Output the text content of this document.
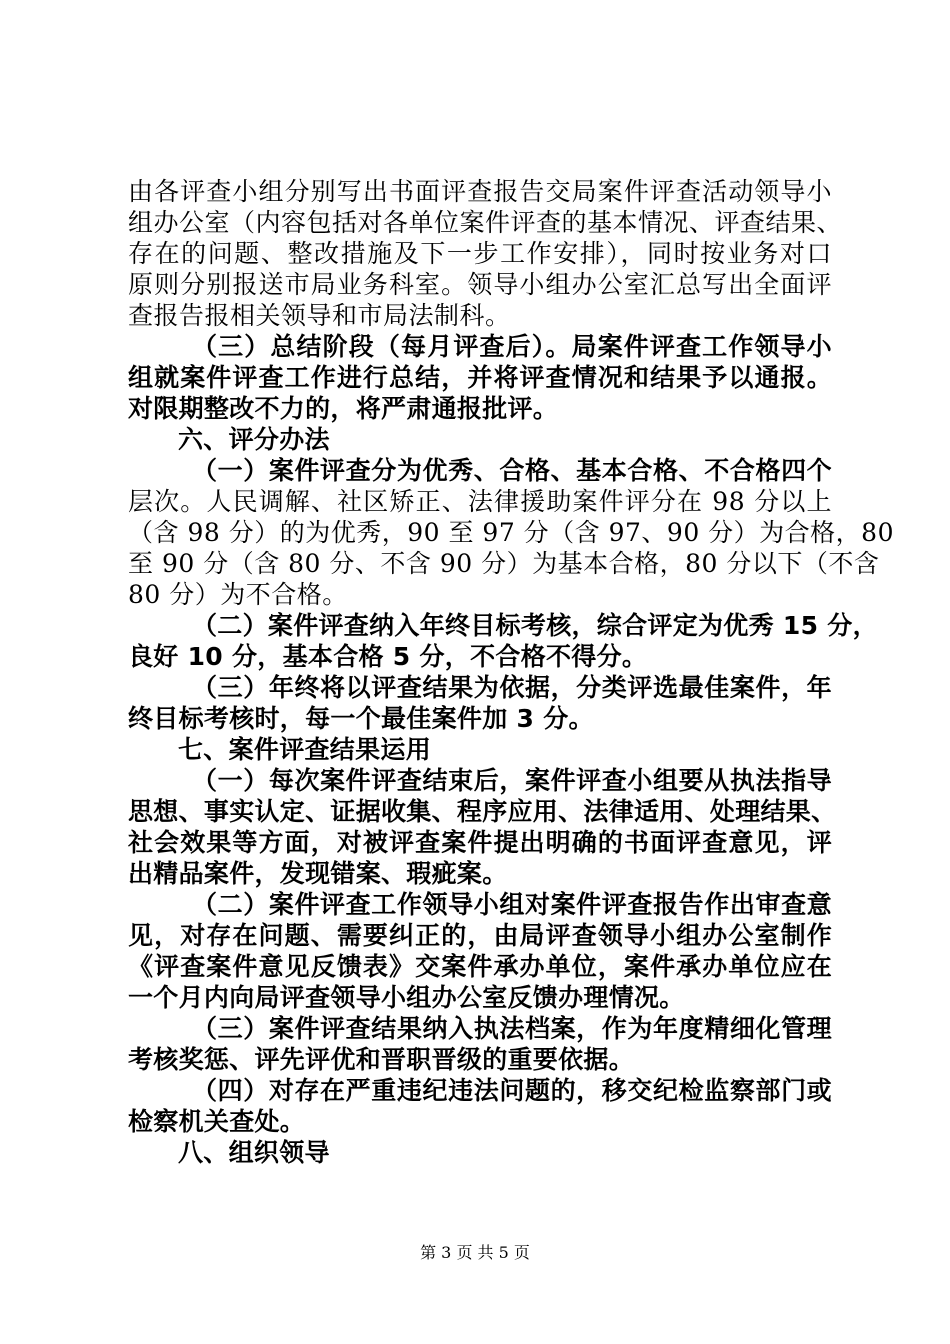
由各评查小组分别写出书面评查报告交局案件评查活动领导小
组办公室（内容包括对各单位案件评查的基本情况、评查结果、
存在的问题、整改措施及下一步工作安排），同时按业务对口
原则分别报送市局业务科室。领导小组办公室汇总写出全面评
查报告报相关领导和市局法制科。
（三）总结阶段（每月评查后）。局案件评查工作领导小
组就案件评查工作进行总结，并将评查情况和结果予以通报。
对限期整改不力的，将严肃通报批评。
六、评分办法
（一）案件评查分为优秀、合格、基本合格、不合格四个
层次。人民调解、社区矫正、法律援助案件评分在 98 分以上
（含 98 分）的为优秀，90 至 97 分（含 97、90 分）为合格，80
至 90 分（含 80 分、不含 90 分）为基本合格，80 分以下（不含
80 分）为不合格。
（二）案件评查纳入年终目标考核，综合评定为优秀 15 分，
良好 10 分，基本合格 5 分，不合格不得分。
（三）年终将以评查结果为依据，分类评选最佳案件，年
终目标考核时，每一个最佳案件加 3 分。
七、案件评查结果运用
（一）每次案件评查结束后，案件评查小组要从执法指导
思想、事实认定、证据收集、程序应用、法律适用、处理结果、
社会效果等方面，对被评查案件提出明确的书面评查意见，评
出精品案件，发现错案、瑕疵案。
（二）案件评查工作领导小组对案件评查报告作出审查意
见，对存在问题、需要纠正的，由局评查领导小组办公室制作
《评查案件意见反馈表》交案件承办单位，案件承办单位应在
一个月内向局评查领导小组办公室反馈办理情况。
（三）案件评查结果纳入执法档案，作为年度精细化管理
考核奖惩、评先评优和晋职晋级的重要依据。
（四）对存在严重违纪违法问题的，移交纪检监察部门或
检察机关查处。
八、组织领导
第 3 页 共 5 页
